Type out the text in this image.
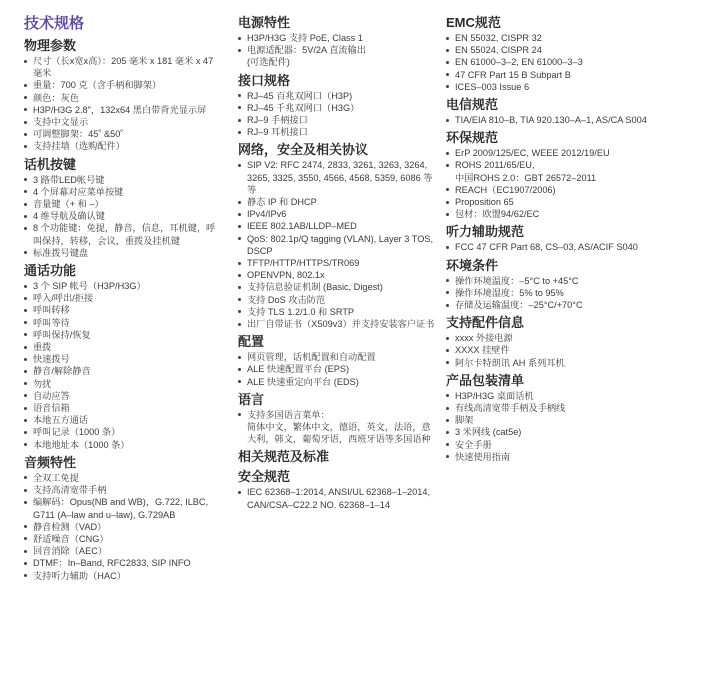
技术规格
物理参数
尺寸（长x宽x高）：205 毫米 x 181 毫米 x 47 毫米
重量：700 克（含手柄和脚架）
颜色：灰色
H3P/H3G 2.8"，132x64 黑白带背光显示屏
支持中文显示
可调整脚架：45˚ &50˚
支持挂墙（选购配件）
话机按键
3 路带LED帐号键
4 个屏幕对应菜单按键
音量键（+ 和 –）
4 维导航及确认键
8 个功能键：免提，静音，信息，耳机键，呼叫保持，转移，会议，重拨及挂机键
标准拨号键盘
通话功能
3 个 SIP 帐号（H3P/H3G）
呼入/呼出/拒接
呼叫转移
呼叫等待
呼叫保持/恢复
重拨
快速拨号
静音/解除静音
勿扰
自动应答
语音信箱
本地五方通话
呼叫记录（1000 条）
本地地址本（1000 条）
音频特性
全双工免提
支持高清宽带手柄
编解码：Opus(NB and WB)，G.722, ILBC, G711 (A–law and u–law), G.729AB
静音检测（VAD）
舒适噪音（CNG）
回音消除（AEC）
DTMF：In–Band, RFC2833, SIP INFO
支持听力辅助（HAC）
电源特性
H3P/H3G 支持 PoE, Class 1
电源适配器：5V/2A 直流输出
(可选配件)
接口规格
RJ–45 百兆双网口（H3P)
RJ–45 千兆双网口（H3G）
RJ–9 手柄接口
RJ–9 耳机接口
网络，安全及相关协议
SIP V2: RFC 2474, 2833, 3261, 3263, 3264, 3265, 3325, 3550, 4566, 4568, 5359, 6086 等等
静态 IP 和 DHCP
IPv4/IPv6
IEEE 802.1AB/LLDP–MED
QoS: 802.1p/Q tagging (VLAN), Layer 3 TOS, DSCP
TFTP/HTTP/HTTPS/TR069
OPENVPN, 802.1x
支持信息验证机制 (Basic, Digest)
支持 DoS 攻击防范
支持 TLS 1.2/1.0 和 SRTP
出厂自带证书（X509v3）并支持安装客户证书
配置
网页管理，话机配置和自动配置
ALE 快速配置平台 (EPS)
ALE 快速重定向平台 (EDS)
语言
支持多国语言菜单：
简体中文，繁体中文，德语，英文，法语，意大利，韩文，葡萄牙语，西班牙语等多国语种
相关规范及标准
安全规范
IEC 62368–1:2014, ANSI/UL 62368–1–2014, CAN/CSA–C22.2 NO. 62368–1–14
EMC规范
EN 55032, CISPR 32
EN 55024, CISPR 24
EN 61000–3–2, EN 61000–3–3
47 CFR Part 15 B Subpart B
ICES–003 Issue 6
电信规范
TIA/EIA 810–B, TIA 920.130–A–1, AS/CA S004
环保规范
ErP 2009/125/EC, WEEE 2012/19/EU
ROHS 2011/65/EU,
中国ROHS 2.0：GBT 26572–2011
REACH（EC1907/2006)
Proposition 65
包材：欧盟94/62/EC
听力辅助规范
FCC 47 CFR Part 68, CS–03, AS/ACIF S040
环境条件
操作环境温度：–5°C to +45°C
操作环境湿度：5% to 95%
存储及运输温度：–25°C/+70°C
支持配件信息
xxxx 外接电源
XXXX 挂壁件
阿尔卡特朗讯 AH 系列耳机
产品包装清单
H3P/H3G 桌面话机
有线高清宽带手柄及手柄线
脚架
3 米网线 (cat5e)
安全手册
快速使用指南
